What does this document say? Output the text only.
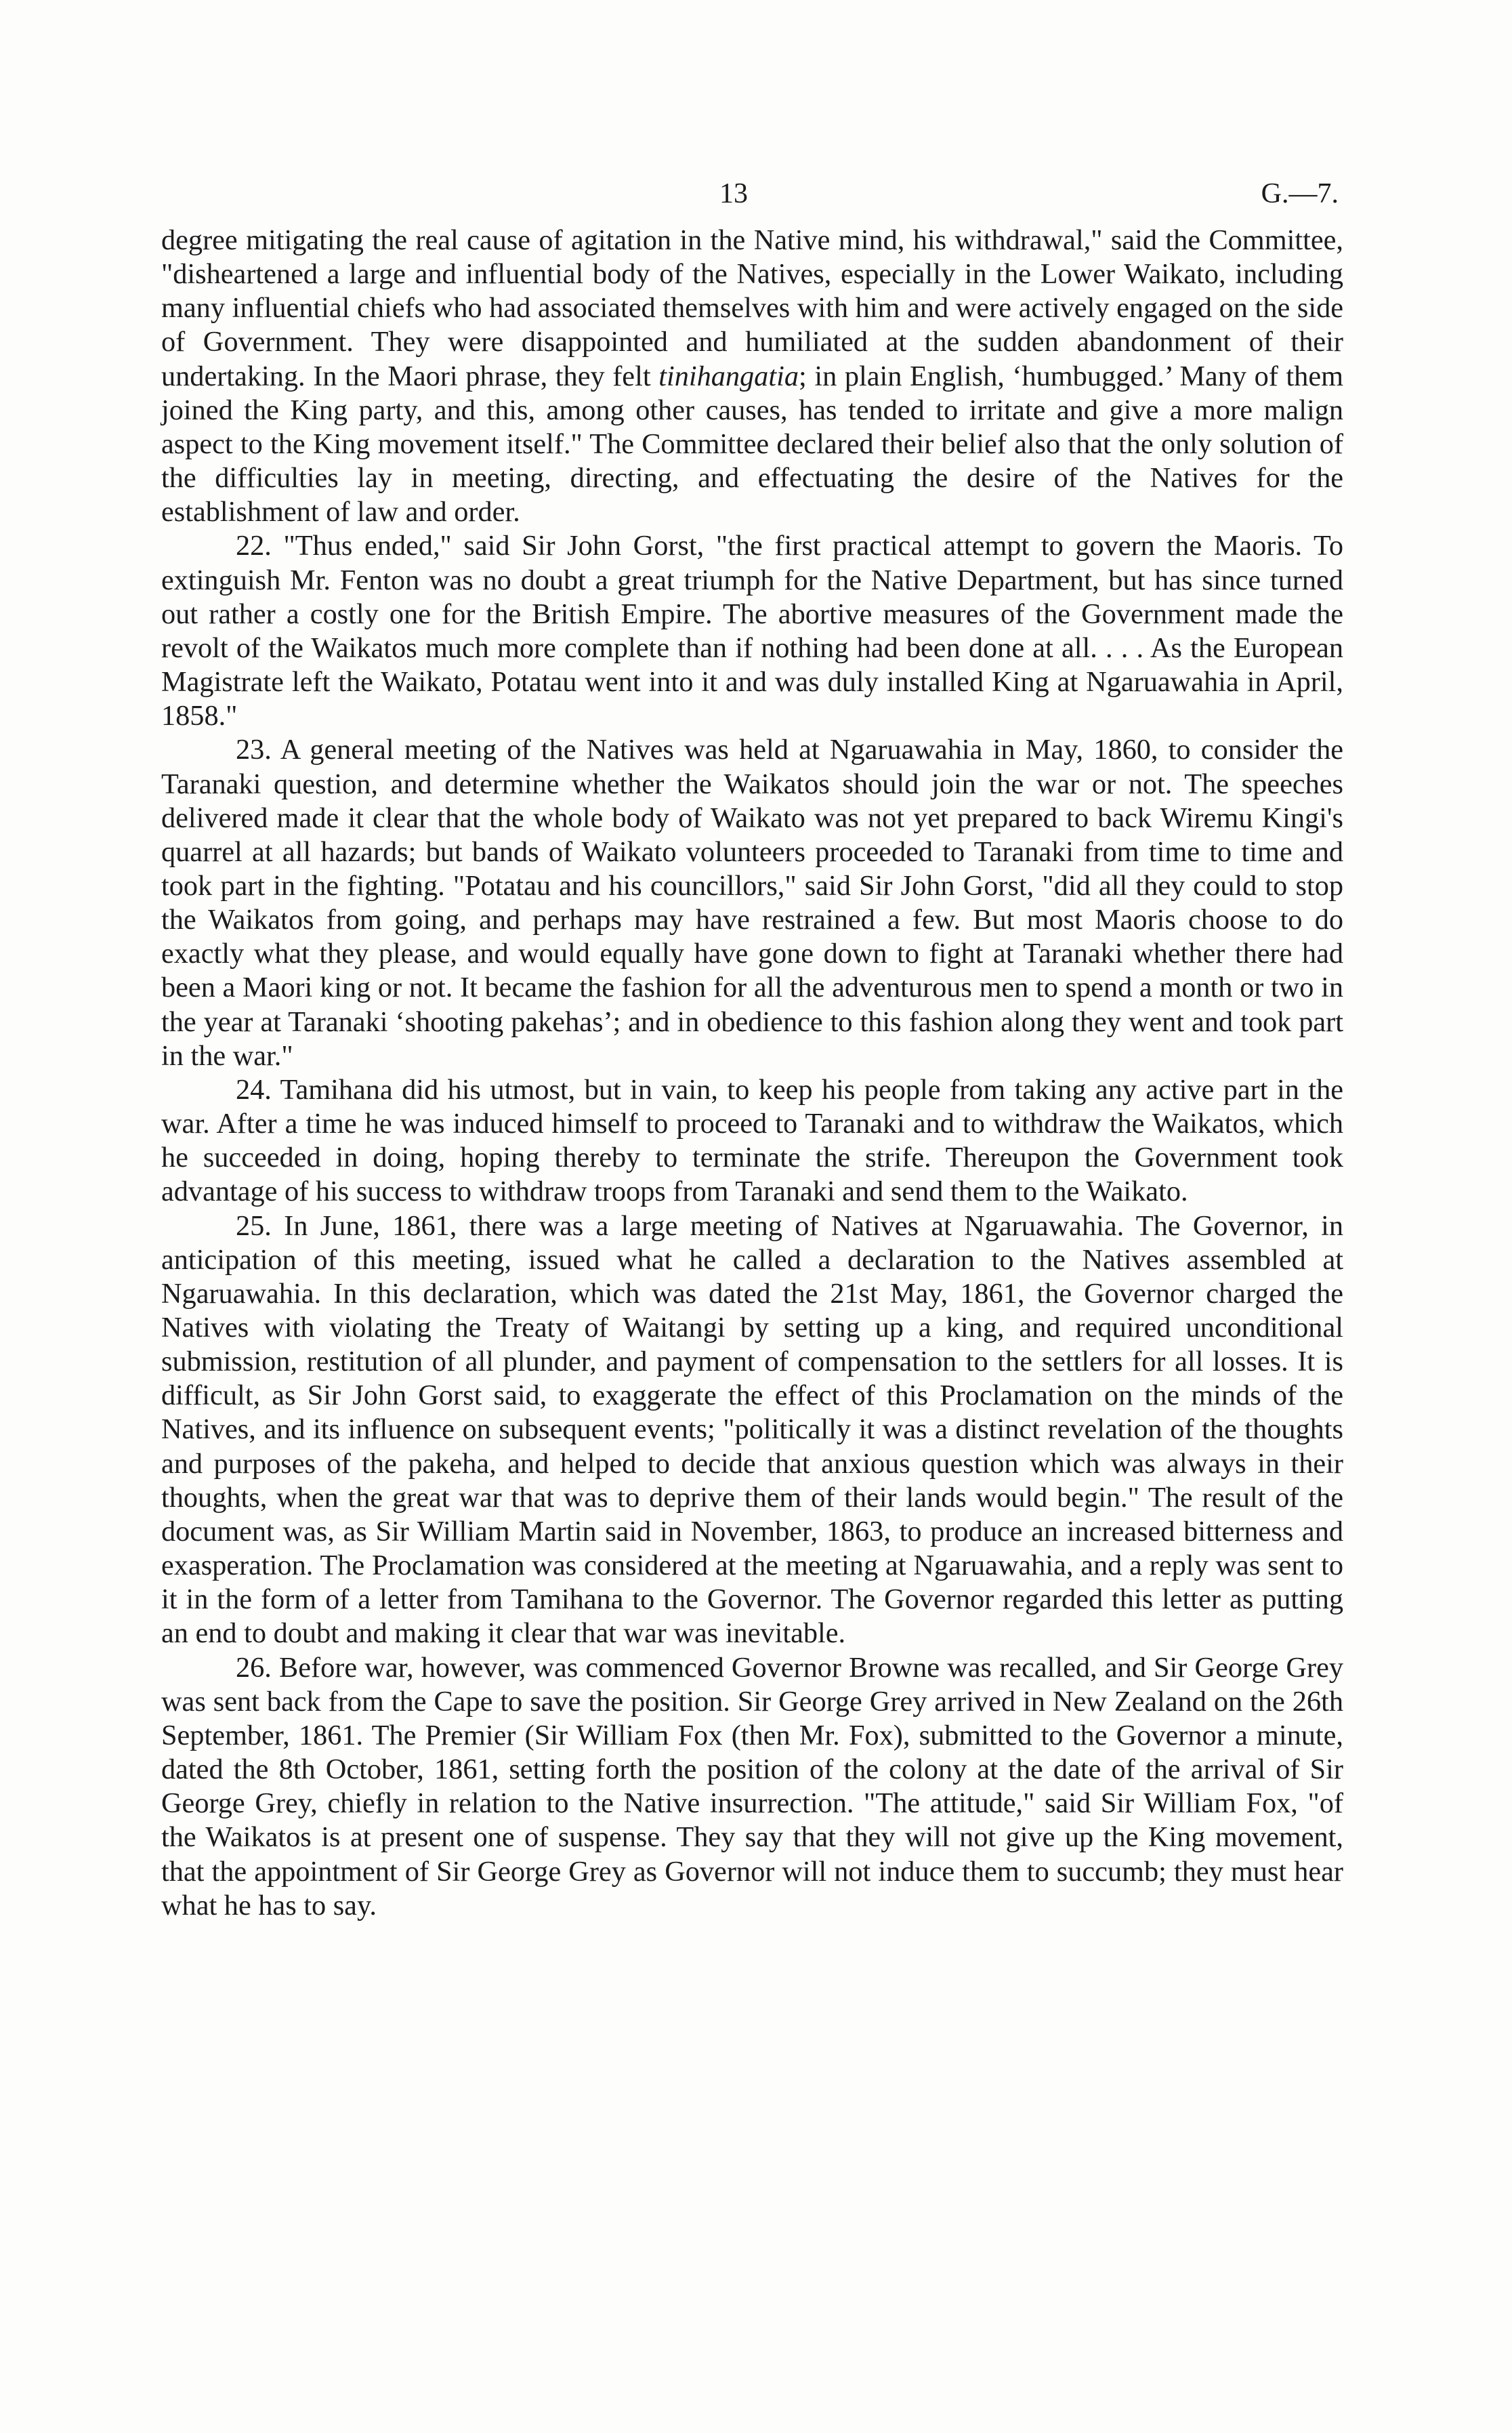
13	G.—7.

degree mitigating the real cause of agitation in the Native mind, his withdrawal," said the Committee, "disheartened a large and influential body of the Natives, especially in the Lower Waikato, including many influential chiefs who had associated themselves with him and were actively engaged on the side of Government. They were disappointed and humiliated at the sudden abandonment of their undertaking. In the Maori phrase, they felt tinihangatia; in plain English, ‘humbugged.’ Many of them joined the King party, and this, among other causes, has tended to irritate and give a more malign aspect to the King movement itself." The Committee declared their belief also that the only solution of the difficulties lay in meeting, directing, and effectuating the desire of the Natives for the establishment of law and order.

22. "Thus ended," said Sir John Gorst, "the first practical attempt to govern the Maoris. To extinguish Mr. Fenton was no doubt a great triumph for the Native Department, but has since turned out rather a costly one for the British Empire. The abortive measures of the Government made the revolt of the Waikatos much more complete than if nothing had been done at all. . . . As the European Magistrate left the Waikato, Potatau went into it and was duly installed King at Ngaruawahia in April, 1858."

23. A general meeting of the Natives was held at Ngaruawahia in May, 1860, to consider the Taranaki question, and determine whether the Waikatos should join the war or not. The speeches delivered made it clear that the whole body of Waikato was not yet prepared to back Wiremu Kingi's quarrel at all hazards; but bands of Waikato volunteers proceeded to Taranaki from time to time and took part in the fighting. "Potatau and his councillors," said Sir John Gorst, "did all they could to stop the Waikatos from going, and perhaps may have restrained a few. But most Maoris choose to do exactly what they please, and would equally have gone down to fight at Taranaki whether there had been a Maori king or not. It became the fashion for all the adventurous men to spend a month or two in the year at Taranaki ‘shooting pakehas’; and in obedience to this fashion along they went and took part in the war."

24. Tamihana did his utmost, but in vain, to keep his people from taking any active part in the war. After a time he was induced himself to proceed to Taranaki and to withdraw the Waikatos, which he succeeded in doing, hoping thereby to terminate the strife. Thereupon the Government took advantage of his success to withdraw troops from Taranaki and send them to the Waikato.

25. In June, 1861, there was a large meeting of Natives at Ngaruawahia. The Governor, in anticipation of this meeting, issued what he called a declaration to the Natives assembled at Ngaruawahia. In this declaration, which was dated the 21st May, 1861, the Governor charged the Natives with violating the Treaty of Waitangi by setting up a king, and required unconditional submission, restitution of all plunder, and payment of compensation to the settlers for all losses. It is difficult, as Sir John Gorst said, to exaggerate the effect of this Proclamation on the minds of the Natives, and its influence on subsequent events; "politically it was a distinct revelation of the thoughts and purposes of the pakeha, and helped to decide that anxious question which was always in their thoughts, when the great war that was to deprive them of their lands would begin." The result of the document was, as Sir William Martin said in November, 1863, to produce an increased bitterness and exasperation. The Proclamation was considered at the meeting at Ngaruawahia, and a reply was sent to it in the form of a letter from Tamihana to the Governor. The Governor regarded this letter as putting an end to doubt and making it clear that war was inevitable.

26. Before war, however, was commenced Governor Browne was recalled, and Sir George Grey was sent back from the Cape to save the position. Sir George Grey arrived in New Zealand on the 26th September, 1861. The Premier (Sir William Fox (then Mr. Fox), submitted to the Governor a minute, dated the 8th October, 1861, setting forth the position of the colony at the date of the arrival of Sir George Grey, chiefly in relation to the Native insurrection. "The attitude," said Sir William Fox, "of the Waikatos is at present one of suspense. They say that they will not give up the King movement, that the appointment of Sir George Grey as Governor will not induce them to succumb; they must hear what he has to say.
